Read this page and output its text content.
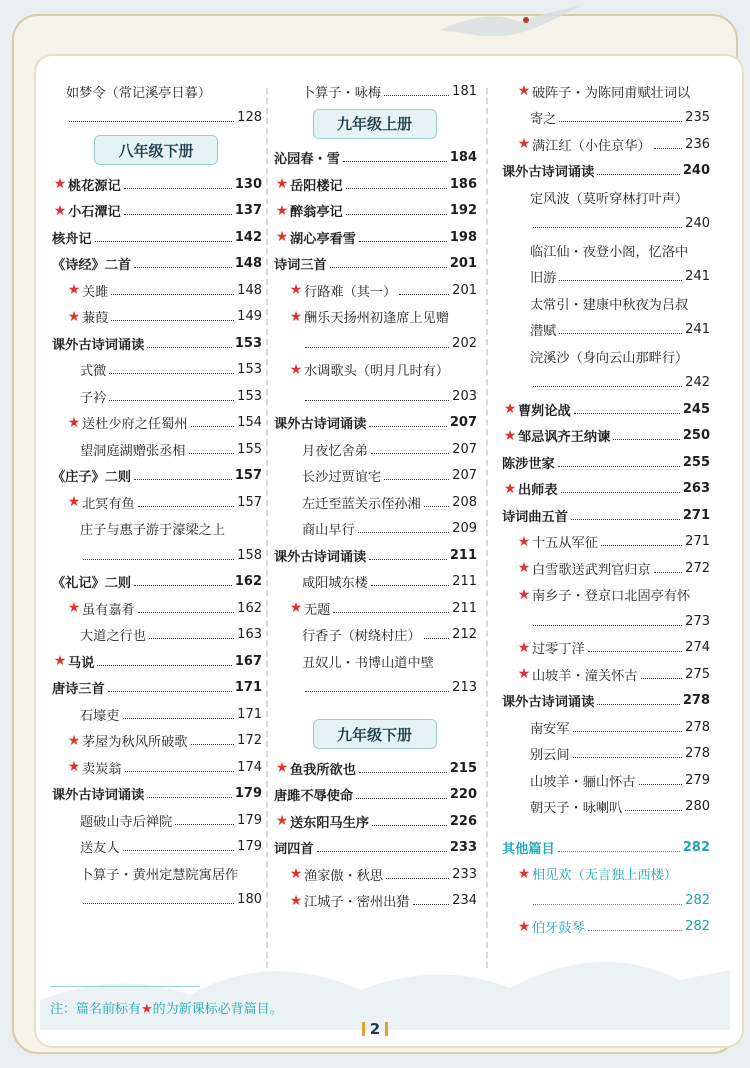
如梦令（常记溪亭日暮）
128
八年级下册
★ 桃花源记	130
★ 小石潭记	137
核舟记	142
《诗经》二首	148
★ 关雎	148
★ 蒹葭	149
课外古诗词诵读	153
式微	153
子衿	153
★ 送杜少府之任蜀州	154
望洞庭湖赠张丞相	155
《庄子》二则	157
★ 北冥有鱼	157
庄子与惠子游于濠梁之上
158
《礼记》二则	162
★ 虽有嘉肴	162
大道之行也	163
★ 马说	167
唐诗三首	171
石壕吏	171
★ 茅屋为秋风所破歌	172
★ 卖炭翁	174
课外古诗词诵读	179
题破山寺后禅院	179
送友人	179
卜算子・黄州定慧院寓居作
180
卜算子・咏梅	181
九年级上册
沁园春・雪	184
★ 岳阳楼记	186
★ 醉翁亭记	192
★ 湖心亭看雪	198
诗词三首	201
★ 行路难（其一）	201
★ 酬乐天扬州初逢席上见赠
202
★ 水调歌头（明月几时有）
203
课外古诗词诵读	207
月夜忆舍弟	207
长沙过贾谊宅	207
左迁至蓝关示侄孙湘 208
商山早行	209
课外古诗词诵读	211
咸阳城东楼	211
★ 无题	211
行香子（树绕村庄） 212
丑奴儿・书博山道中壁
213
九年级下册
★ 鱼我所欲也	215
唐雎不辱使命	220
★ 送东阳马生序	226
词四首	233
★ 渔家傲・秋思	233
★ 江城子・密州出猎	234
★ 破阵子・为陈同甫赋壮词以
寄之	235
★ 满江红（小住京华）	236
课外古诗词诵读	240
定风波（莫听穿林打叶声）
240
临江仙・夜登小阁，忆洛中
旧游	241
太常引・建康中秋夜为吕叔
潜赋	241
浣溪沙（身向云山那畔行）
242
★ 曹刿论战	245
★ 邹忌讽齐王纳谏	250
陈涉世家	255
★ 出师表	263
诗词曲五首	271
★ 十五从军征	271
★ 白雪歌送武判官归京	272
★ 南乡子・登京口北固亭有怀
273
★ 过零丁洋	274
★ 山坡羊・潼关怀古	275
课外古诗词诵读	278
南安军	278
别云间	278
山坡羊・骊山怀古	279
朝天子・咏喇叭	280
其他篇目	282
★ 相见欢（无言独上西楼）
282
★ 伯牙鼓琴	282
注：篇名前标有★的为新课标必背篇目。
2
